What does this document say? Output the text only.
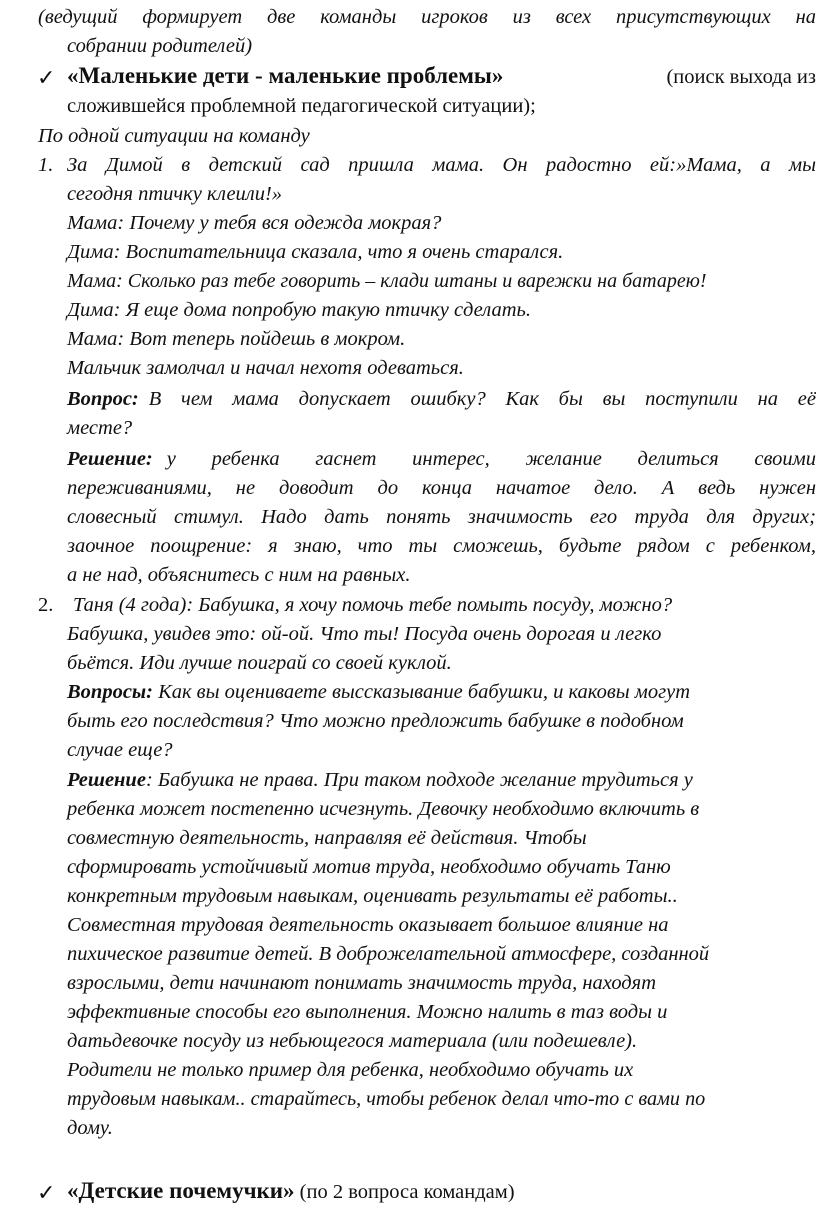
(ведущий формирует две команды игроков из всех присутствующих на
собрании родителей)
✓ «Маленькие дети - маленькие проблемы»	(поиск выхода из
сложившейся проблемной педагогической ситуации);
По одной ситуации на команду
1. За Димой в детский сад пришла мама. Он радостно ей:»Мама, а мы
сегодня птичку клеили!»
Мама: Почему у тебя вся одежда мокрая?
Дима: Воспитательница сказала, что я очень старался.
Мама: Сколько раз тебе говорить – клади штаны и варежки на батарею!
Дима: Я еще дома попробую такую птичку сделать.
Мама: Вот теперь пойдешь в мокром.
Мальчик замолчал и начал нехотя одеваться.
Вопрос: В чем мама допускает ошибку? Как бы вы поступили на её
месте?
Решение: у ребенка гаснет интерес, желание делиться своими
переживаниями, не доводит до конца начатое дело. А ведь нужен
словесный стимул. Надо дать понять значимость его труда для других;
заочное поощрение: я знаю, что ты сможешь, будьте рядом с ребенком,
а не над, объяснитесь с ним на равных.
2. Таня (4 года): Бабушка, я хочу помочь тебе помыть посуду, можно?
Бабушка, увидев это: ой-ой. Что ты! Посуда очень дорогая и легко
бьётся. Иди лучше поиграй со своей куклой.
Вопросы: Как вы оцениваете выссказывание бабушки, и каковы могут
быть его последствия? Что можно предложить бабушке в подобном
случае еще?
Решение: Бабушка не права. При таком подходе желание трудиться у
ребенка может постепенно исчезнуть. Девочку необходимо включить в
совместную деятельность, направляя её действия. Чтобы
сформировать устойчивый мотив труда, необходимо обучать Таню
конкретным трудовым навыкам, оценивать результаты её работы..
Совместная трудовая деятельность оказывает большое влияние на
пихическое развитие детей. В доброжелательной атмосфере, созданной
взрослыми, дети начинают понимать значимость труда, находят
эффективные способы его выполнения. Можно налить в таз воды и
датьдевочке посуду из небьющегося материала (или подешевле).
Родители не только пример для ребенка, необходимо обучать их
трудовым навыкам.. старайтесь, чтобы ребенок делал что-то с вами по
дому.
✓ «Детские почемучки» (по 2 вопроса командам)
